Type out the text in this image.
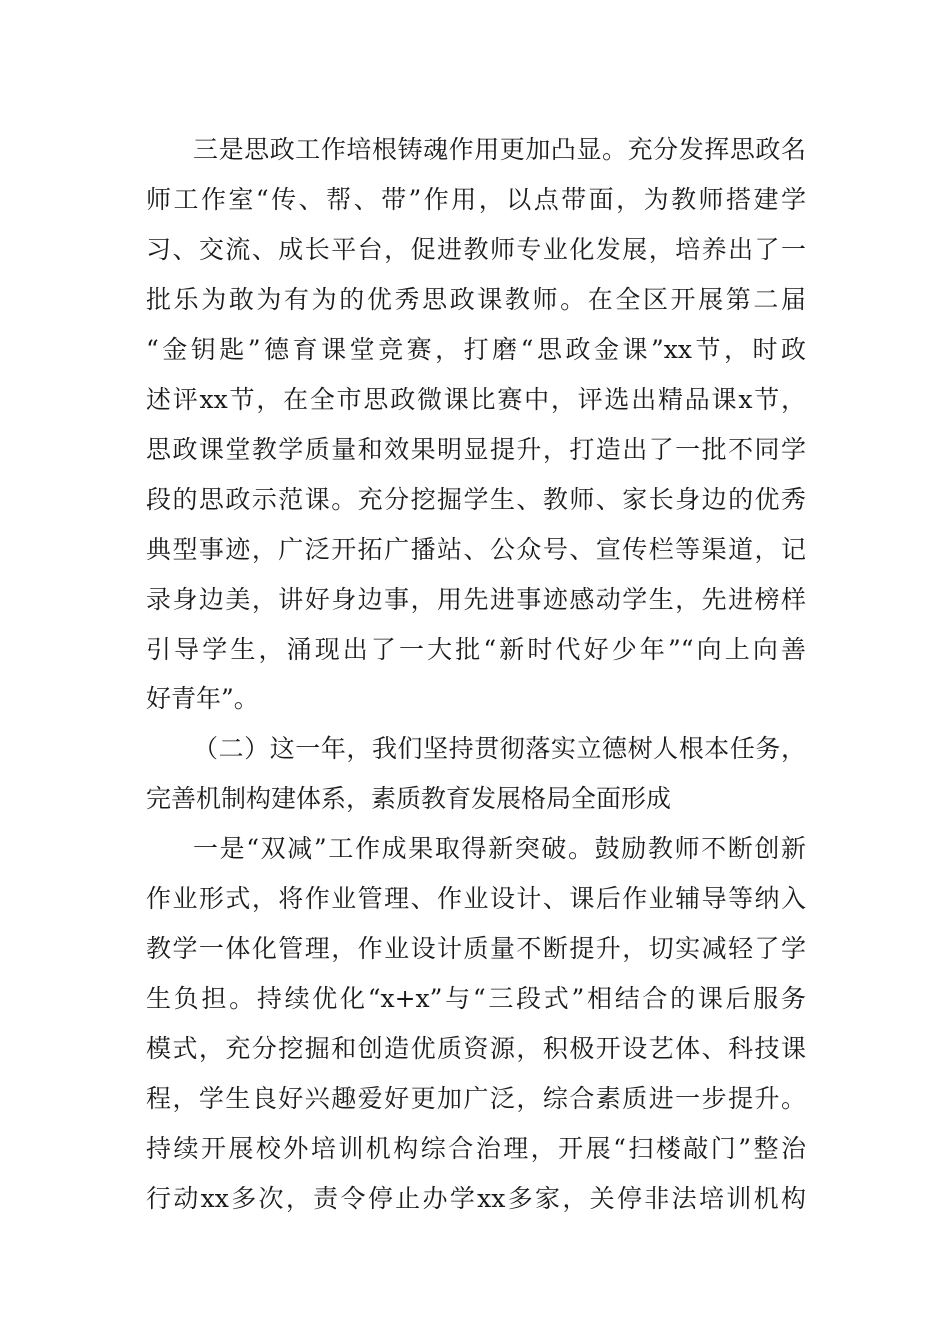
三是思政工作培根铸魂作用更加凸显。充分发挥思政名
师工作室“传、帮、带”作用，以点带面，为教师搭建学
习、交流、成长平台，促进教师专业化发展，培养出了一
批乐为敢为有为的优秀思政课教师。在全区开展第二届
“金钥匙”德育课堂竞赛，打磨“思政金课”xx节，时政
述评xx节，在全市思政微课比赛中，评选出精品课x节，
思政课堂教学质量和效果明显提升，打造出了一批不同学
段的思政示范课。充分挖掘学生、教师、家长身边的优秀
典型事迹，广泛开拓广播站、公众号、宣传栏等渠道，记
录身边美，讲好身边事，用先进事迹感动学生，先进榜样
引导学生，涌现出了一大批“新时代好少年”“向上向善
好青年”。
（二）这一年，我们坚持贯彻落实立德树人根本任务，
完善机制构建体系，素质教育发展格局全面形成
一是“双减”工作成果取得新突破。鼓励教师不断创新
作业形式，将作业管理、作业设计、课后作业辅导等纳入
教学一体化管理，作业设计质量不断提升，切实减轻了学
生负担。持续优化“x+x”与“三段式”相结合的课后服务
模式，充分挖掘和创造优质资源，积极开设艺体、科技课
程，学生良好兴趣爱好更加广泛，综合素质进一步提升。
持续开展校外培训机构综合治理，开展“扫楼敲门”整治
行动xx多次，责令停止办学xx多家，关停非法培训机构
